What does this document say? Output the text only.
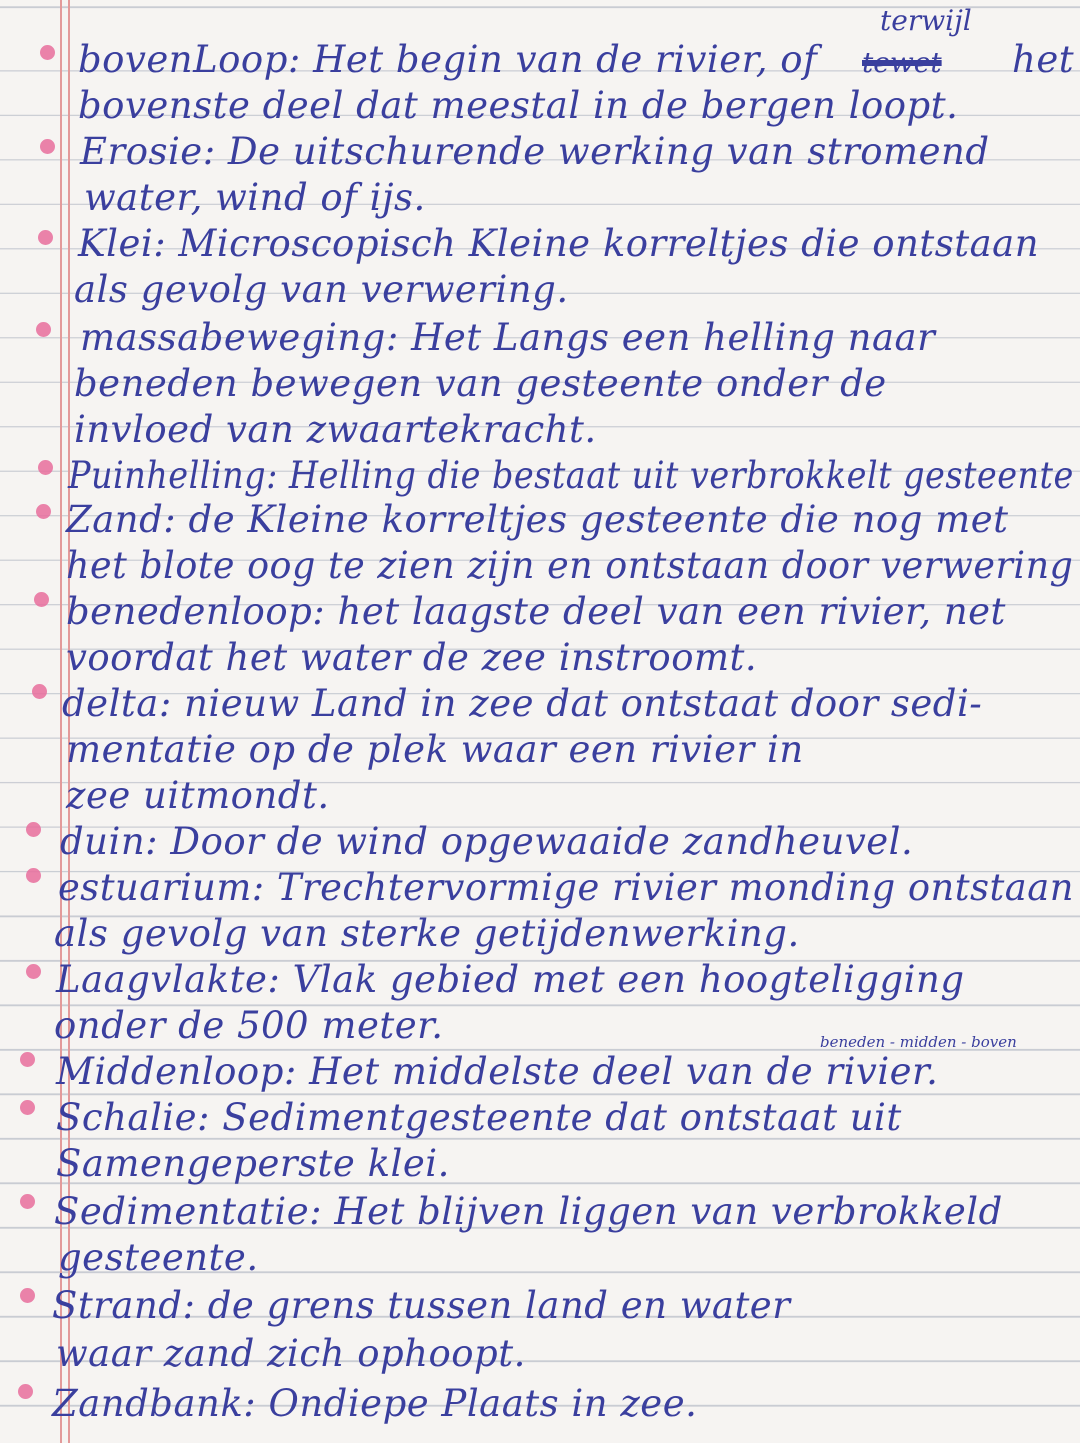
terwijl
tewet
beneden - midden - boven
bovenLoop: Het begin van de rivier, of	het
bovenste deel dat meestal in de bergen loopt.
Erosie: De uitschurende werking van stromend
water, wind of ijs.
Klei: Microscopisch Kleine korreltjes die ontstaan
als gevolg van verwering.
massabeweging: Het Langs een helling naar
beneden bewegen van gesteente onder de
invloed van zwaartekracht.
Puinhelling: Helling die bestaat uit verbrokkelt gesteente
Zand: de Kleine korreltjes gesteente die nog met
het blote oog te zien zijn en ontstaan door verwering
benedenloop: het laagste deel van een rivier, net
voordat het water de zee instroomt.
delta: nieuw Land in zee dat ontstaat door sedi-
mentatie op de plek waar een rivier in
zee uitmondt.
duin: Door de wind opgewaaide zandheuvel.
estuarium: Trechtervormige rivier monding ontstaan
als gevolg van sterke getijdenwerking.
Laagvlakte: Vlak gebied met een hoogteligging
onder de 500 meter.
Middenloop: Het middelste deel van de rivier.
Schalie: Sedimentgesteente dat ontstaat uit
Samengeperste klei.
Sedimentatie: Het blijven liggen van verbrokkeld
gesteente.
Strand: de grens tussen land en water
waar zand zich ophoopt.
Zandbank: Ondiepe Plaats in zee.
